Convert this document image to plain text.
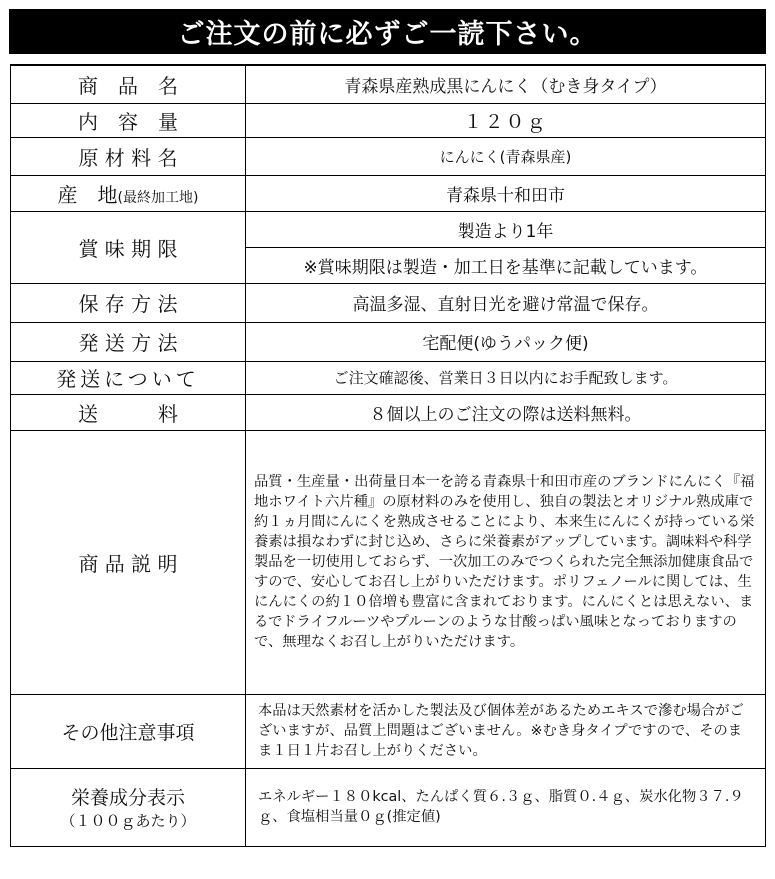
ご注文の前に必ずご一読下さい。
商　品　名	青森県産熟成黒にんにく（むき身タイプ）
内　容　量	１２０ｇ
原 材 料 名	にんにく(青森県産)
産　地(最終加工地)	青森県十和田市
賞 味 期 限	製造より1年
	※賞味期限は製造・加工日を基準に記載しています。
保 存 方 法	高温多湿、直射日光を避け常温で保存。
発 送 方 法	宅配便(ゆうパック便)
発送について	ご注文確認後、営業日３日以内にお手配致します。
送　　　料	８個以上のご注文の際は送料無料。
商 品 説 明	品質・生産量・出荷量日本一を誇る青森県十和田市産のブランドにんにく『福地ホワイト六片種』の原材料のみを使用し、独自の製法とオリジナル熟成庫で約１ヵ月間にんにくを熟成させることにより、本来生にんにくが持っている栄養素は損なわずに封じ込め、さらに栄養素がアップしています。調味料や科学製品を一切使用しておらず、一次加工のみでつくられた完全無添加健康食品ですので、安心してお召し上がりいただけます。ポリフェノールに関しては、生にんにくの約１０倍増も豊富に含まれております。にんにくとは思えない、まるでドライフルーツやプルーンのような甘酸っぱい風味となっておりますので、無理なくお召し上がりいただけます。
その他注意事項	本品は天然素材を活かした製法及び個体差があるためエキスで滲む場合がございますが、品質上問題はございません。※むき身タイプですので、そのまま１日１片お召し上がりください。

栄養成分表示
（１００ｇあたり）	エネルギー１８０kcal、たんぱく質６.３ｇ、脂質０.４ｇ、炭水化物３７.９ｇ、食塩相当量０ｇ(推定値)
